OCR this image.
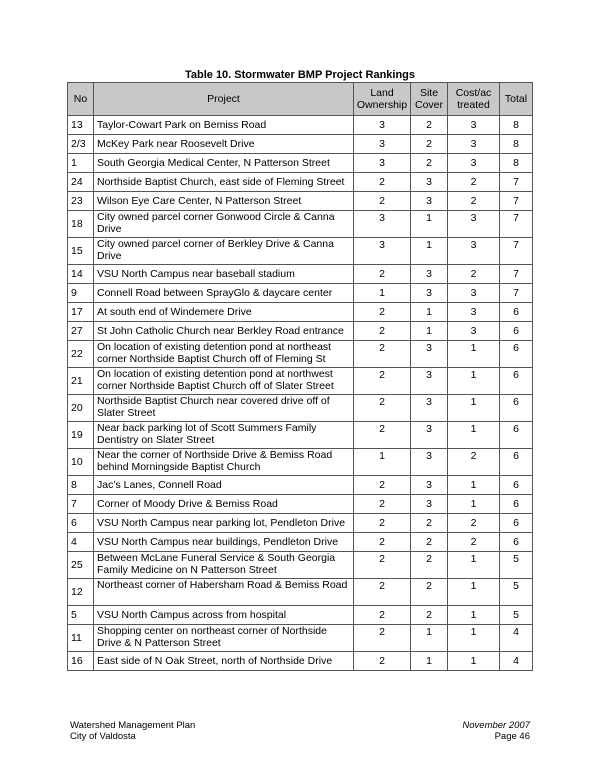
Table 10. Stormwater BMP Project Rankings
No	Project	Land Ownership	Site Cover	Cost/ac treated	Total
13	Taylor-Cowart Park on Bemiss Road	3	2	3	8
2/3	McKey Park near Roosevelt Drive	3	2	3	8
1	South Georgia Medical Center, N Patterson Street	3	2	3	8
24	Northside Baptist Church, east side of Fleming Street	2	3	2	7
23	Wilson Eye Care Center, N Patterson Street	2	3	2	7
18	City owned parcel corner Gonwood Circle & Canna Drive	3	1	3	7
15	City owned parcel corner of Berkley Drive & Canna Drive	3	1	3	7
14	VSU North Campus near baseball stadium	2	3	2	7
9	Connell Road between SprayGlo & daycare center	1	3	3	7
17	At south end of Windemere Drive	2	1	3	6
27	St John Catholic Church near Berkley Road entrance	2	1	3	6
22	On location of existing detention pond at northeast corner Northside Baptist Church off of Fleming St	2	3	1	6
21	On location of existing detention pond at northwest corner Northside Baptist Church off of Slater Street	2	3	1	6
20	Northside Baptist Church near covered drive off of Slater Street	2	3	1	6
19	Near back parking lot of Scott Summers Family Dentistry on Slater Street	2	3	1	6
10	Near the corner of Northside Drive & Bemiss Road behind Morningside Baptist Church	1	3	2	6
8	Jac’s Lanes, Connell Road	2	3	1	6
7	Corner of Moody Drive & Bemiss Road	2	3	1	6
6	VSU North Campus near parking lot, Pendleton Drive	2	2	2	6
4	VSU North Campus near buildings, Pendleton Drive	2	2	2	6
25	Between McLane Funeral Service & South Georgia Family Medicine on N Patterson Street	2	2	1	5
12	Northeast corner of Habersham Road & Bemiss Road	2	2	1	5
5	VSU North Campus across from hospital	2	2	1	5
11	Shopping center on northeast corner of Northside Drive & N Patterson Street	2	1	1	4
16	East side of N Oak Street, north of Northside Drive	2	1	1	4
Watershed Management Plan
City of Valdosta
November 2007
Page 46
